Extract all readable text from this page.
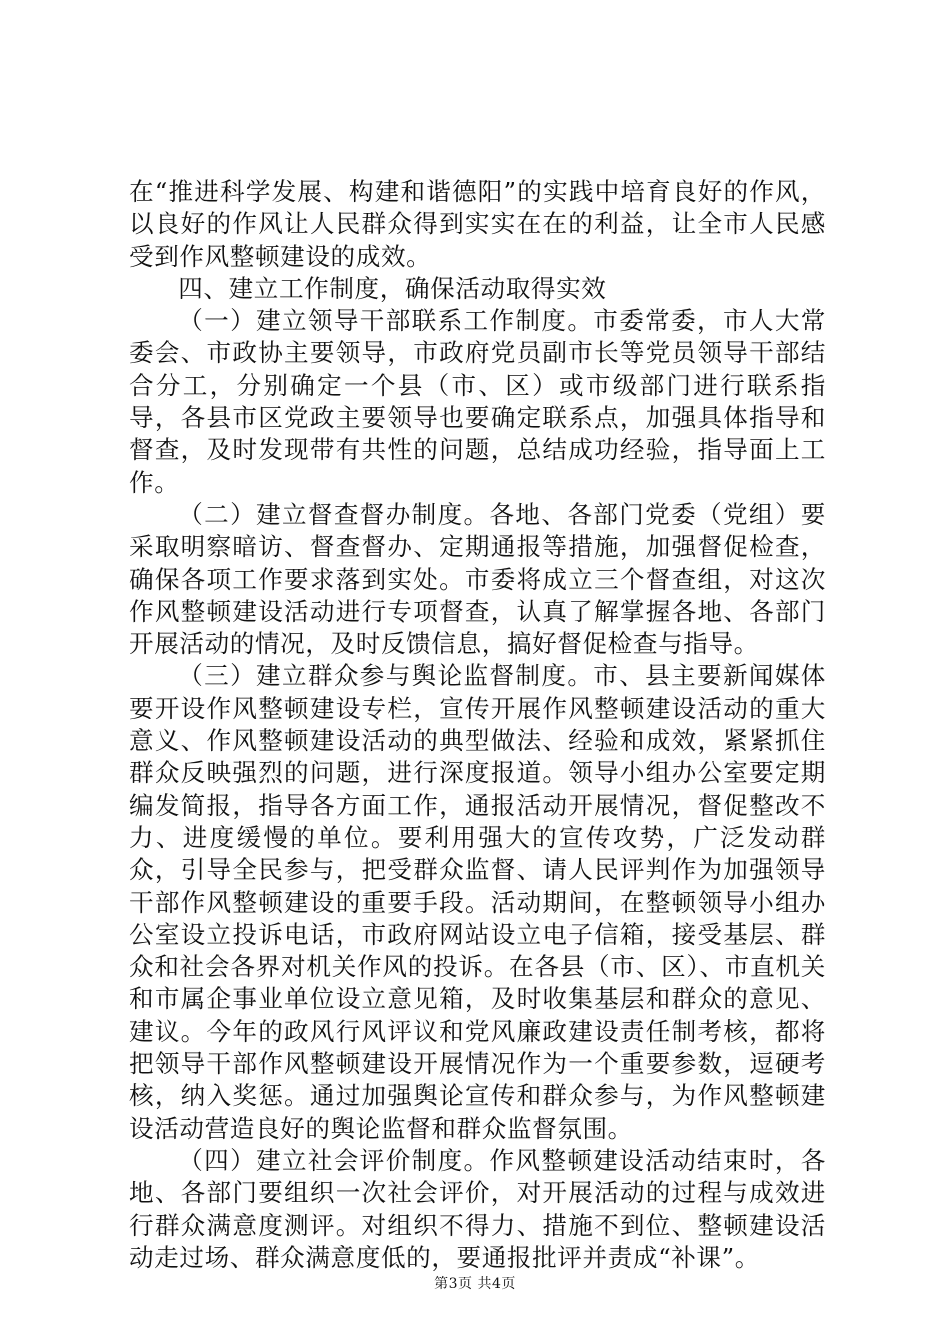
在“推进科学发展、构建和谐德阳”的实践中培育良好的作风，以良好的作风让人民群众得到实实在在的利益，让全市人民感受到作风整顿建设的成效。

四、建立工作制度，确保活动取得实效

（一）建立领导干部联系工作制度。市委常委，市人大常委会、市政协主要领导，市政府党员副市长等党员领导干部结合分工，分别确定一个县（市、区）或市级部门进行联系指导，各县市区党政主要领导也要确定联系点，加强具体指导和督查，及时发现带有共性的问题，总结成功经验，指导面上工作。

（二）建立督查督办制度。各地、各部门党委（党组）要采取明察暗访、督查督办、定期通报等措施，加强督促检查，确保各项工作要求落到实处。市委将成立三个督查组，对这次作风整顿建设活动进行专项督查，认真了解掌握各地、各部门开展活动的情况，及时反馈信息，搞好督促检查与指导。

（三）建立群众参与舆论监督制度。市、县主要新闻媒体要开设作风整顿建设专栏，宣传开展作风整顿建设活动的重大意义、作风整顿建设活动的典型做法、经验和成效，紧紧抓住群众反映强烈的问题，进行深度报道。领导小组办公室要定期编发简报，指导各方面工作，通报活动开展情况，督促整改不力、进度缓慢的单位。要利用强大的宣传攻势，广泛发动群众，引导全民参与，把受群众监督、请人民评判作为加强领导干部作风整顿建设的重要手段。活动期间，在整顿领导小组办公室设立投诉电话，市政府网站设立电子信箱，接受基层、群众和社会各界对机关作风的投诉。在各县（市、区）、市直机关和市属企事业单位设立意见箱，及时收集基层和群众的意见、建议。今年的政风行风评议和党风廉政建设责任制考核，都将把领导干部作风整顿建设开展情况作为一个重要参数，逗硬考核，纳入奖惩。通过加强舆论宣传和群众参与，为作风整顿建设活动营造良好的舆论监督和群众监督氛围。

（四）建立社会评价制度。作风整顿建设活动结束时，各地、各部门要组织一次社会评价，对开展活动的过程与成效进行群众满意度测评。对组织不得力、措施不到位、整顿建设活动走过场、群众满意度低的，要通报批评并责成“补课”。

第3页 共4页
